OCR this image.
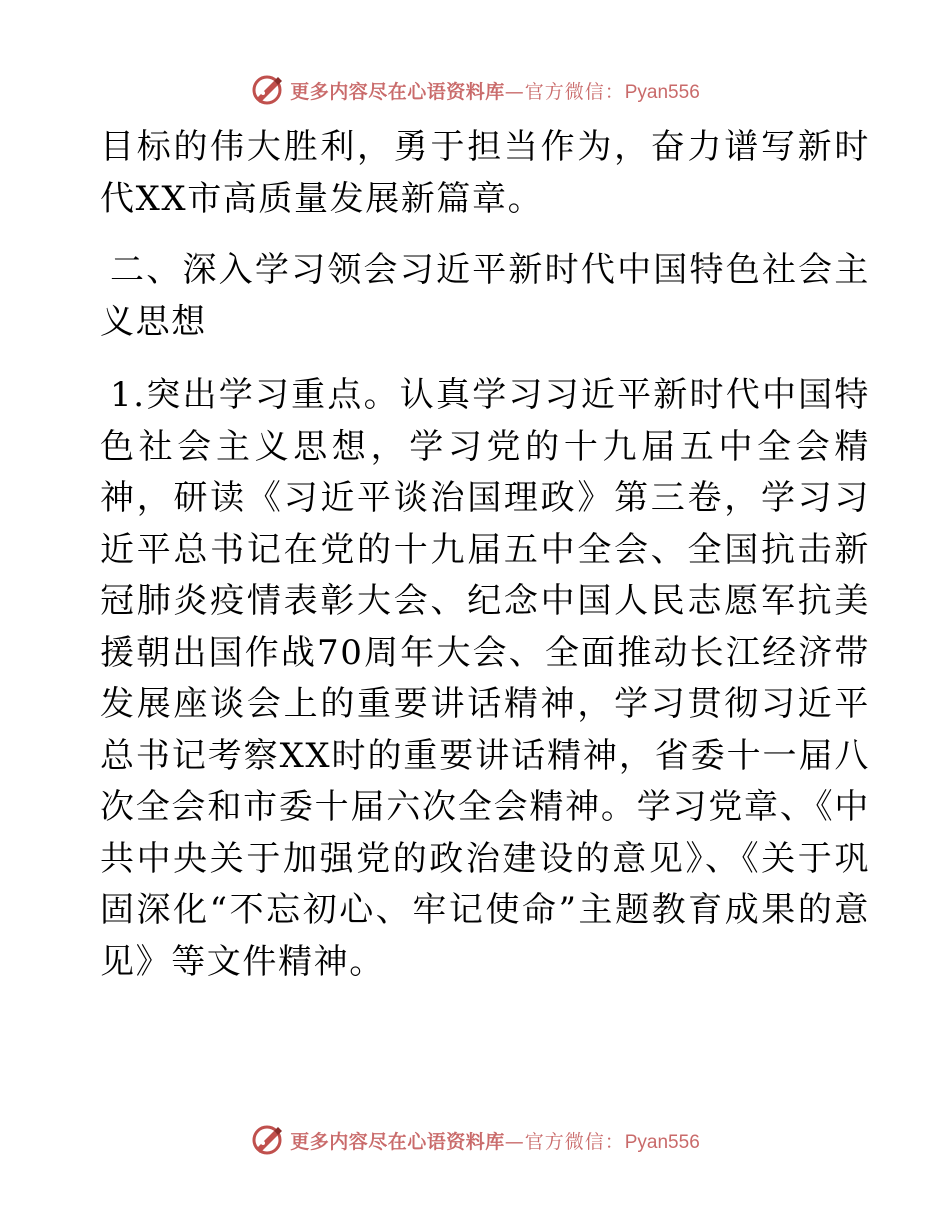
更多内容尽在心语资料库 — 官方微信： Pyan556

目标的伟大胜利，勇于担当作为，奋力谱写新时代XX市高质量发展新篇章。

二、深入学习领会习近平新时代中国特色社会主义思想

1.突出学习重点。认真学习习近平新时代中国特色社会主义思想，学习党的十九届五中全会精神，研读《习近平谈治国理政》第三卷，学习习近平总书记在党的十九届五中全会、全国抗击新冠肺炎疫情表彰大会、纪念中国人民志愿军抗美援朝出国作战70周年大会、全面推动长江经济带发展座谈会上的重要讲话精神，学习贯彻习近平总书记考察XX时的重要讲话精神，省委十一届八次全会和市委十届六次全会精神。学习党章、《中共中央关于加强党的政治建设的意见》、《关于巩固深化“不忘初心、牢记使命”主题教育成果的意见》等文件精神。

更多内容尽在心语资料库 — 官方微信： Pyan556
